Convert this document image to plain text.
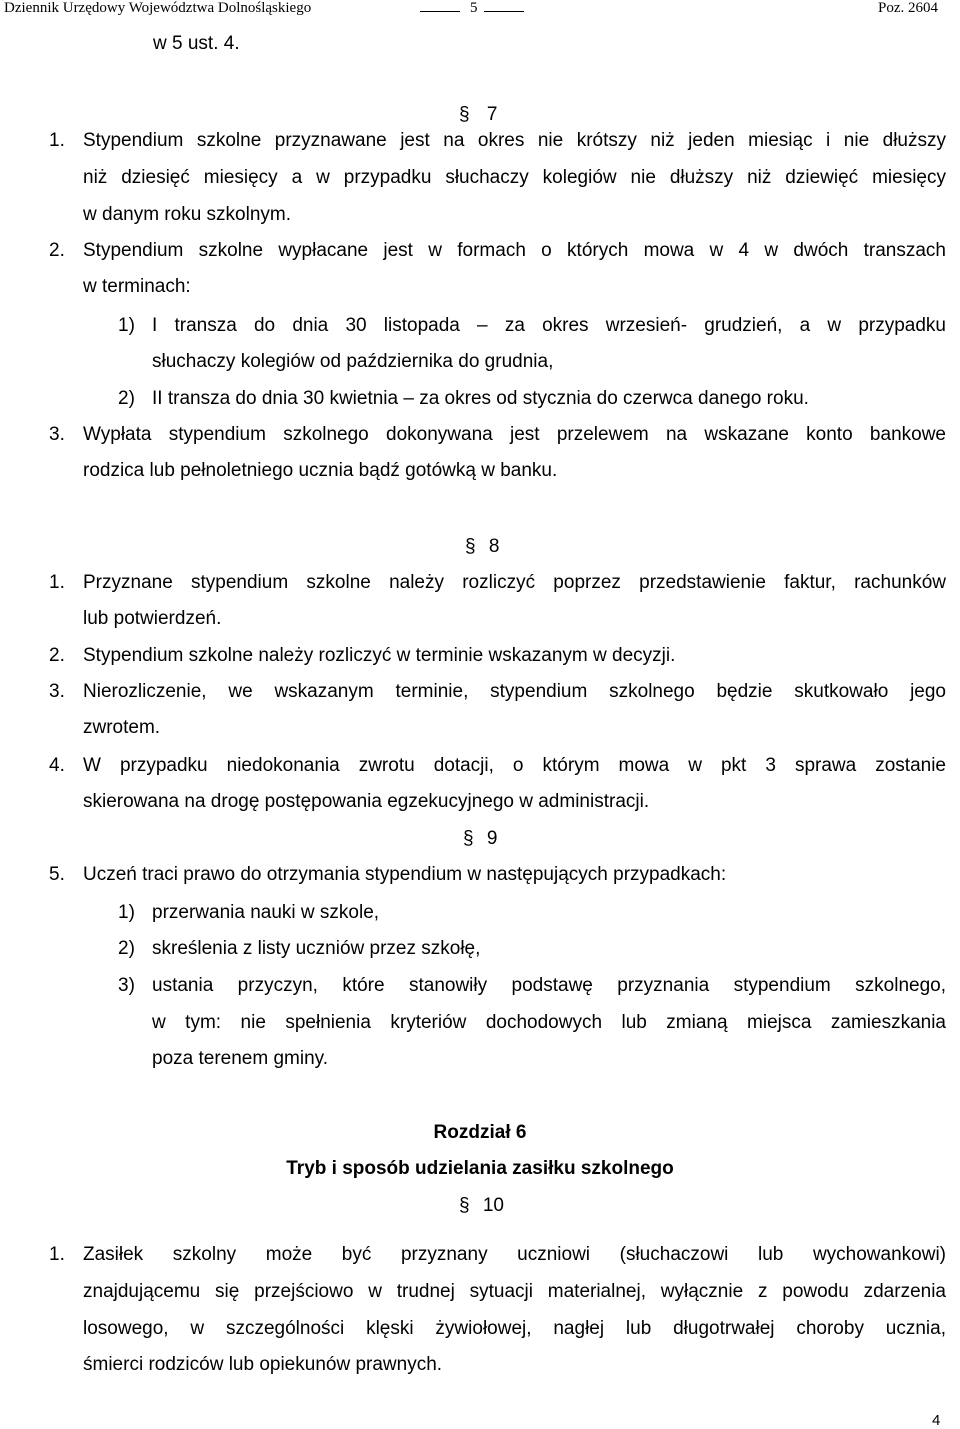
Dziennik Urzędowy Województwa Dolnośląskiego	5	Poz. 2604
w 5 ust. 4.
§ 7
1. Stypendium szkolne przyznawane jest na okres nie krótszy niż jeden miesiąc i nie dłuższy
niż dziesięć miesięcy a w przypadku słuchaczy kolegiów nie dłuższy niż dziewięć miesięcy
w danym roku szkolnym.
2. Stypendium szkolne wypłacane jest w formach o których mowa w 4 w dwóch transzach
w terminach:
1) I transza do dnia 30 listopada – za okres wrzesień- grudzień, a w przypadku
słuchaczy kolegiów od października do grudnia,
2) II transza do dnia 30 kwietnia – za okres od stycznia do czerwca danego roku.
3. Wypłata stypendium szkolnego dokonywana jest przelewem na wskazane konto bankowe
rodzica lub pełnoletniego ucznia bądź gotówką w banku.
§ 8
1. Przyznane stypendium szkolne należy rozliczyć poprzez przedstawienie faktur, rachunków
lub potwierdzeń.
2. Stypendium szkolne należy rozliczyć w terminie wskazanym w decyzji.
3. Nierozliczenie, we wskazanym terminie, stypendium szkolnego będzie skutkowało jego
zwrotem.
4. W przypadku niedokonania zwrotu dotacji, o którym mowa w pkt 3 sprawa zostanie
skierowana na drogę postępowania egzekucyjnego w administracji.
§ 9
5. Uczeń traci prawo do otrzymania stypendium w następujących przypadkach:
1) przerwania nauki w szkole,
2) skreślenia z listy uczniów przez szkołę,
3) ustania przyczyn, które stanowiły podstawę przyznania stypendium szkolnego,
w tym: nie spełnienia kryteriów dochodowych lub zmianą miejsca zamieszkania
poza terenem gminy.
Rozdział 6
Tryb i sposób udzielania zasiłku szkolnego
§ 10
1. Zasiłek szkolny może być przyznany uczniowi (słuchaczowi lub wychowankowi)
znajdującemu się przejściowo w trudnej sytuacji materialnej, wyłącznie z powodu zdarzenia
losowego, w szczególności klęski żywiołowej, nagłej lub długotrwałej choroby ucznia,
śmierci rodziców lub opiekunów prawnych.
4
